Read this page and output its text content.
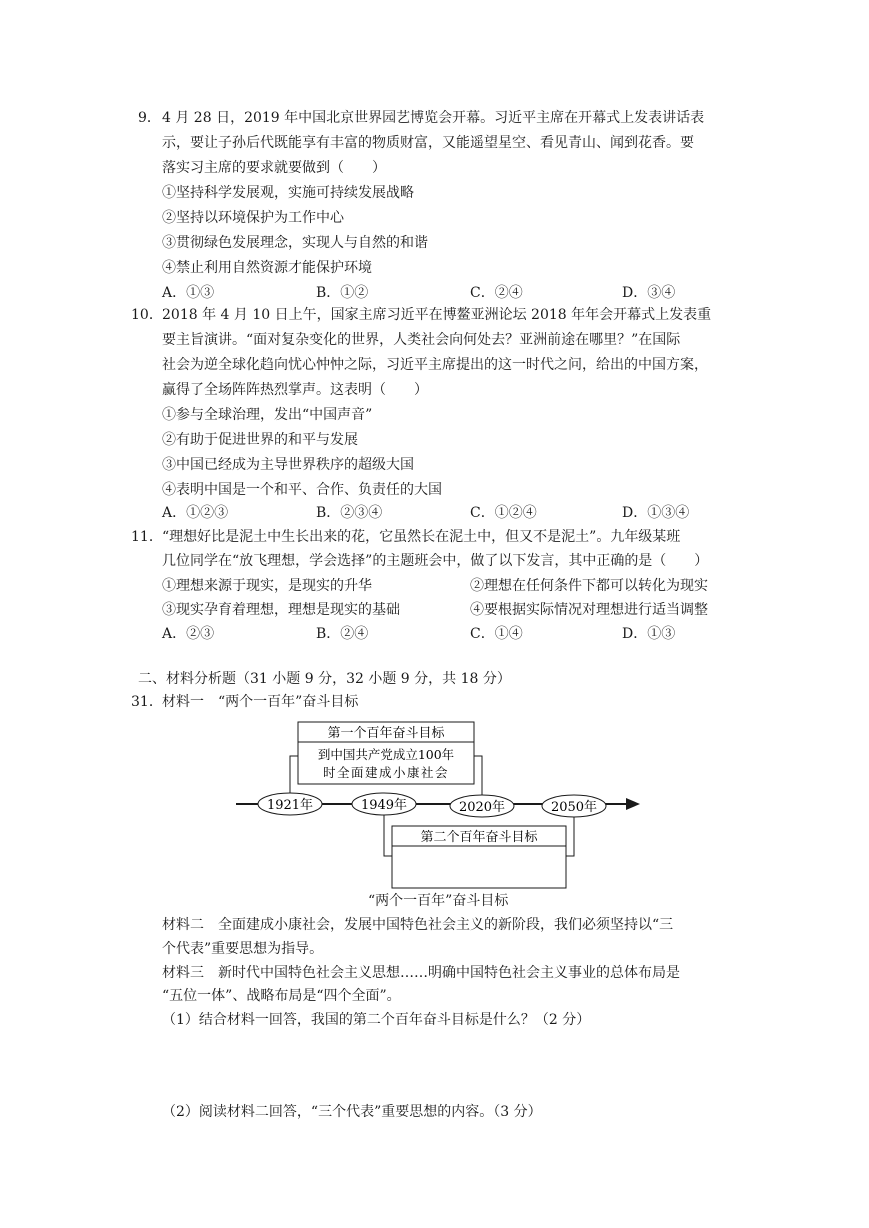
9． 4 月 28 日，2019 年中国北京世界园艺博览会开幕。习近平主席在开幕式上发表讲话表
示，要让子孙后代既能享有丰富的物质财富，又能遥望星空、看见青山、闻到花香。要
落实习主席的要求就要做到（　　）
①坚持科学发展观，实施可持续发展战略
②坚持以环境保护为工作中心
③贯彻绿色发展理念，实现人与自然的和谐
④禁止利用自然资源才能保护环境
A．①③	B．①②	C．②④	D．③④
10． 2018 年 4 月 10 日上午，国家主席习近平在博鳌亚洲论坛 2018 年年会开幕式上发表重
要主旨演讲。“面对复杂变化的世界，人类社会向何处去？亚洲前途在哪里？”在国际
社会为逆全球化趋向忧心忡忡之际，习近平主席提出的这一时代之问，给出的中国方案，
赢得了全场阵阵热烈掌声。这表明（　　）
①参与全球治理，发出“中国声音”
②有助于促进世界的和平与发展
③中国已经成为主导世界秩序的超级大国
④表明中国是一个和平、合作、负责任的大国
A．①②③	B．②③④	C．①②④	D．①③④
11． “理想好比是泥土中生长出来的花，它虽然长在泥土中，但又不是泥土”。九年级某班
几位同学在“放飞理想，学会选择”的主题班会中，做了以下发言，其中正确的是（　　）
①理想来源于现实，是现实的升华	②理想在任何条件下都可以转化为现实
③现实孕育着理想，理想是现实的基础	④要根据实际情况对理想进行适当调整
A．②③	B．②④	C．①④	D．①③
二、材料分析题（31 小题 9 分，32 小题 9 分，共 18 分）
31． 材料一　“两个一百年”奋斗目标
第一个百年奋斗目标
到中国共产党成立100年
时全面建成小康社会
第二个百年奋斗目标
1921年	1949年	2020年	2050年
“两个一百年”奋斗目标
材料二　全面建成小康社会，发展中国特色社会主义的新阶段，我们必须坚持以“三
个代表”重要思想为指导。
材料三　新时代中国特色社会主义思想……明确中国特色社会主义事业的总体布局是
“五位一体”、战略布局是“四个全面”。
（1）结合材料一回答，我国的第二个百年奋斗目标是什么？（2 分）
（2）阅读材料二回答，“三个代表”重要思想的内容。（3 分）
